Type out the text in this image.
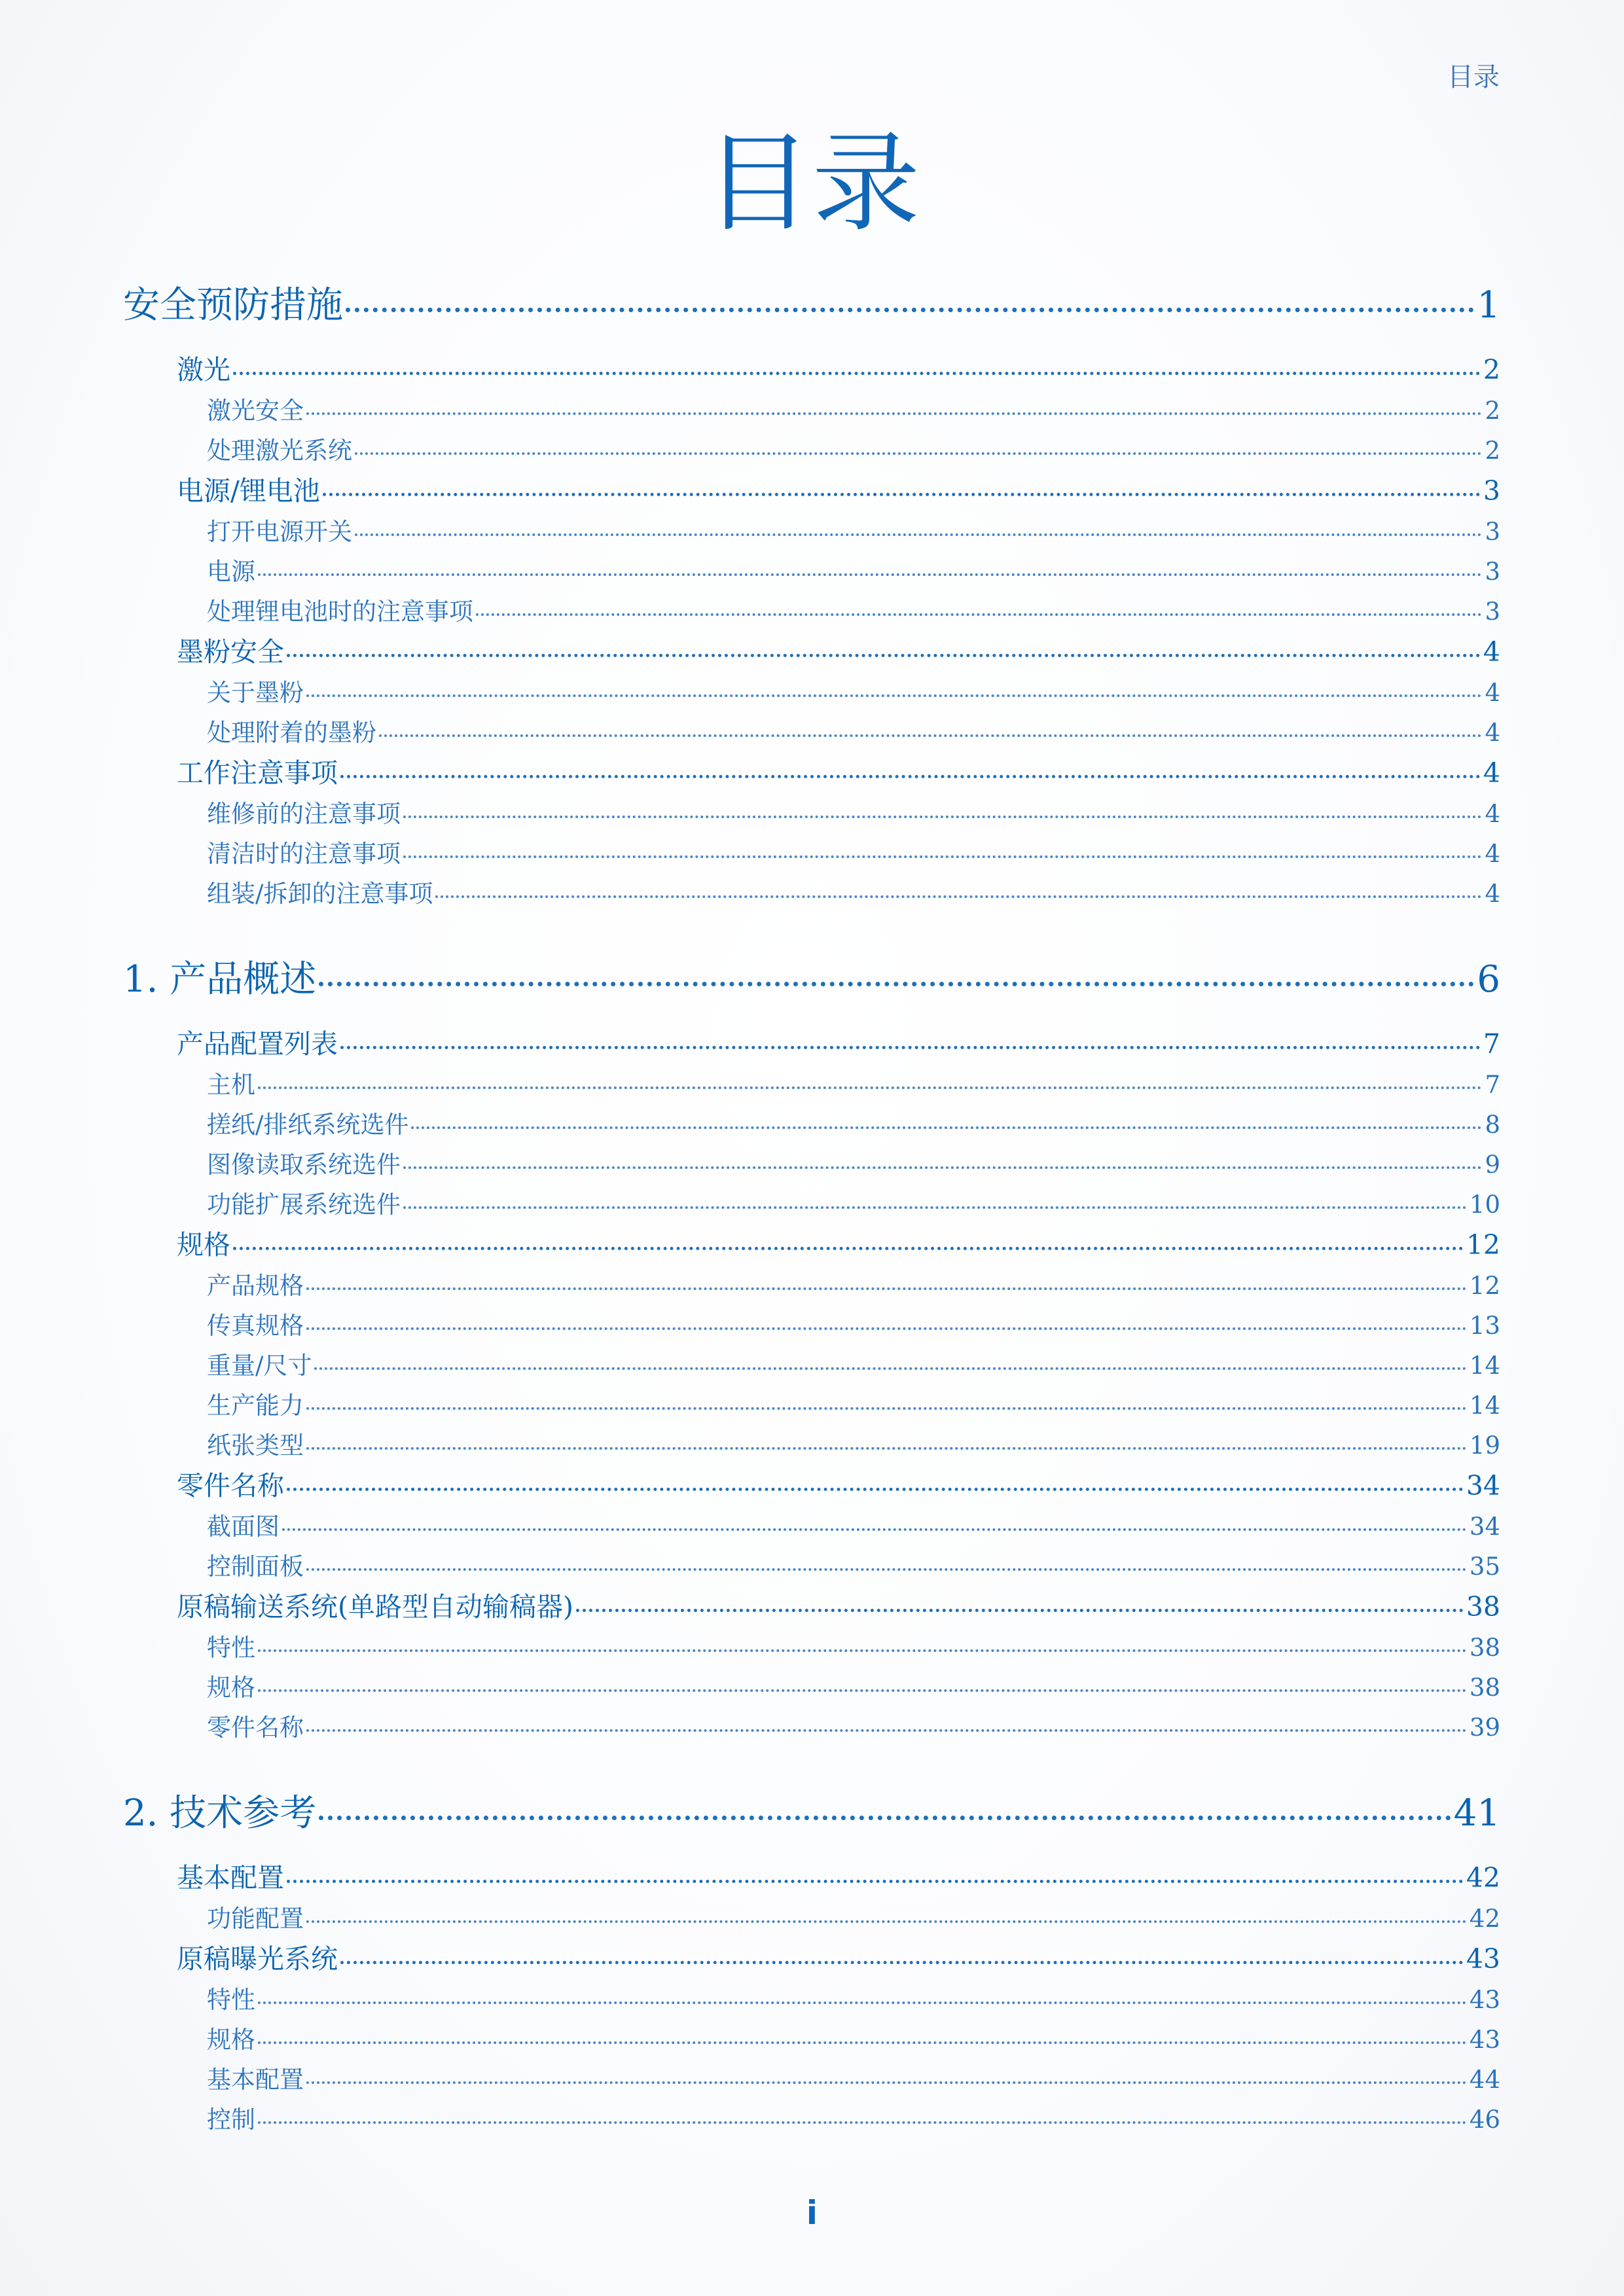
目录
目录
安全预防措施	1
激光	2
激光安全	2
处理激光系统	2
电源/锂电池	3
打开电源开关	3
电源	3
处理锂电池时的注意事项	3
墨粉安全	4
关于墨粉	4
处理附着的墨粉	4
工作注意事项	4
维修前的注意事项	4
清洁时的注意事项	4
组装/拆卸的注意事项	4
1. 产品概述	6
产品配置列表	7
主机	7
搓纸/排纸系统选件	8
图像读取系统选件	9
功能扩展系统选件	10
规格	12
产品规格	12
传真规格	13
重量/尺寸	14
生产能力	14
纸张类型	19
零件名称	34
截面图	34
控制面板	35
原稿输送系统(单路型自动输稿器)	38
特性	38
规格	38
零件名称	39
2. 技术参考	41
基本配置	42
功能配置	42
原稿曝光系统	43
特性	43
规格	43
基本配置	44
控制	46
i
